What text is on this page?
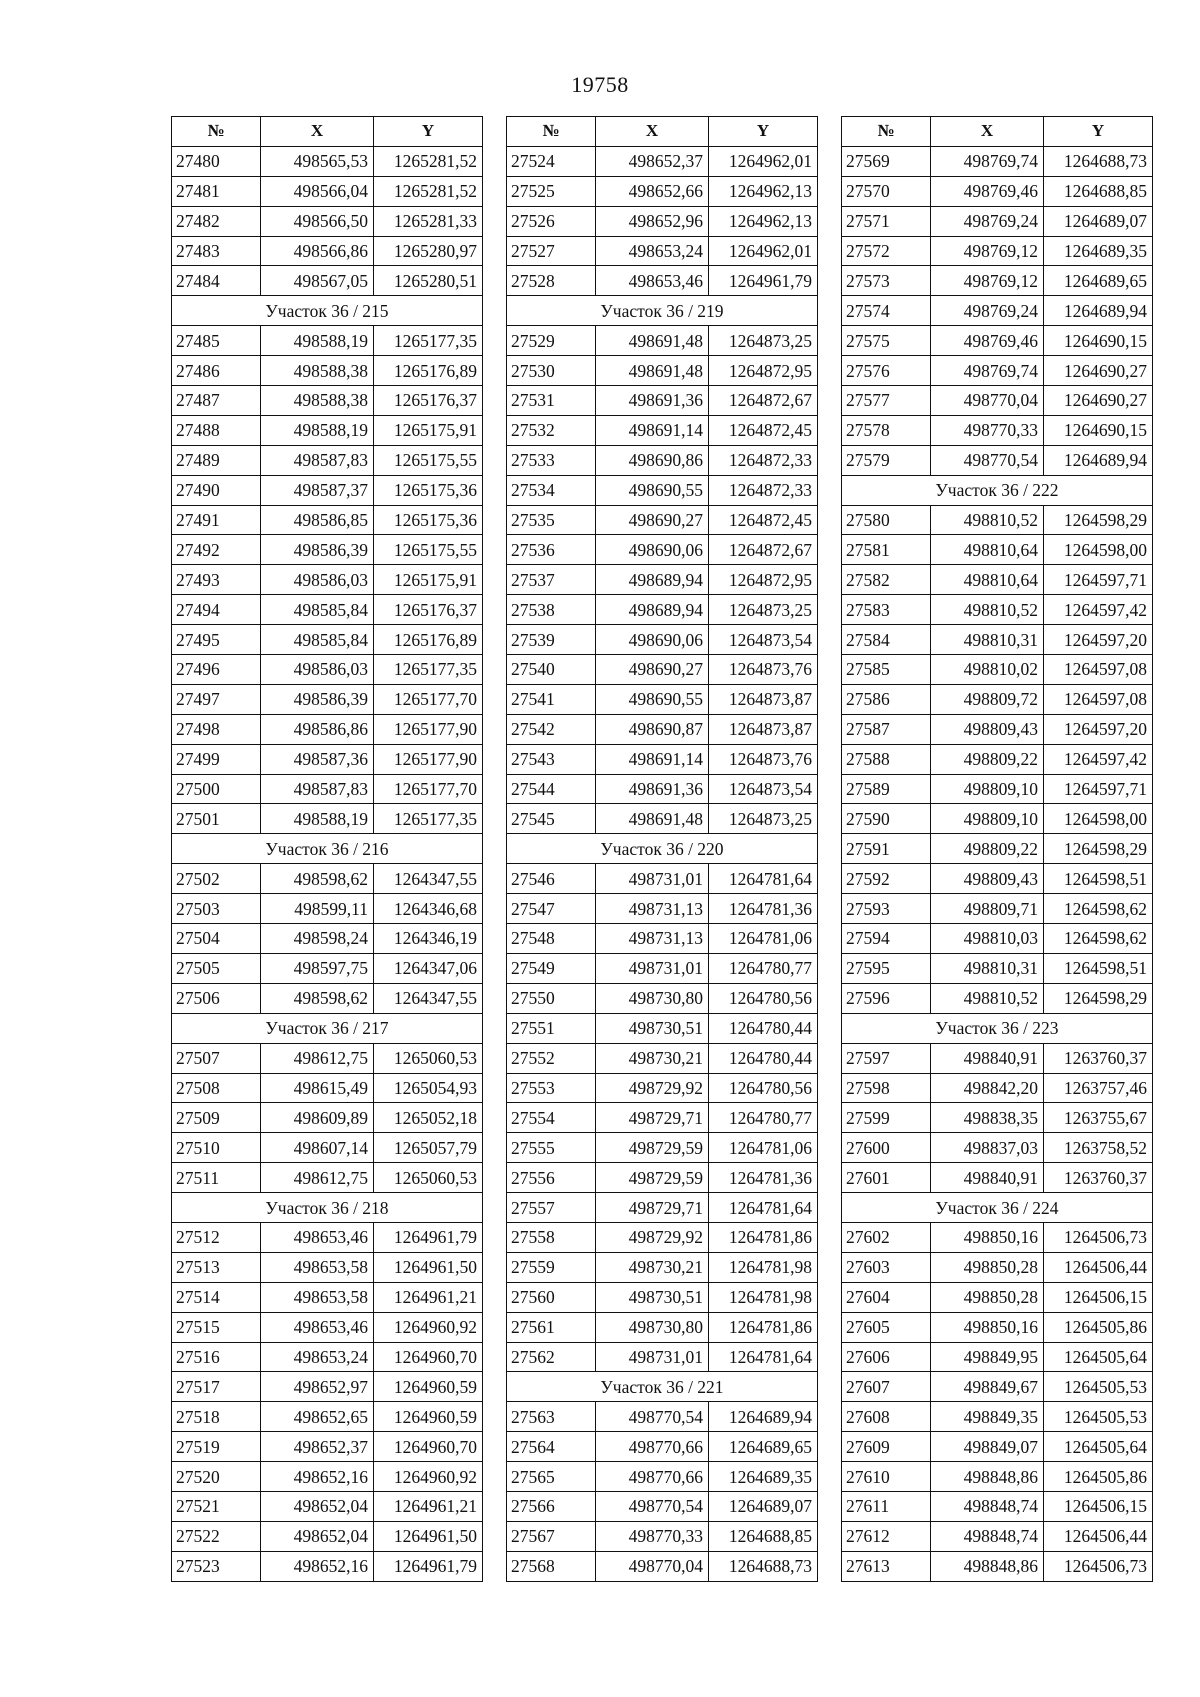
19758
№	X	Y
27480	498565,53	1265281,52
27481	498566,04	1265281,52
27482	498566,50	1265281,33
27483	498566,86	1265280,97
27484	498567,05	1265280,51
Участок 36 / 215		
27485	498588,19	1265177,35
27486	498588,38	1265176,89
27487	498588,38	1265176,37
27488	498588,19	1265175,91
27489	498587,83	1265175,55
27490	498587,37	1265175,36
27491	498586,85	1265175,36
27492	498586,39	1265175,55
27493	498586,03	1265175,91
27494	498585,84	1265176,37
27495	498585,84	1265176,89
27496	498586,03	1265177,35
27497	498586,39	1265177,70
27498	498586,86	1265177,90
27499	498587,36	1265177,90
27500	498587,83	1265177,70
27501	498588,19	1265177,35
Участок 36 / 216		
27502	498598,62	1264347,55
27503	498599,11	1264346,68
27504	498598,24	1264346,19
27505	498597,75	1264347,06
27506	498598,62	1264347,55
Участок 36 / 217		
27507	498612,75	1265060,53
27508	498615,49	1265054,93
27509	498609,89	1265052,18
27510	498607,14	1265057,79
27511	498612,75	1265060,53
Участок 36 / 218		
27512	498653,46	1264961,79
27513	498653,58	1264961,50
27514	498653,58	1264961,21
27515	498653,46	1264960,92
27516	498653,24	1264960,70
27517	498652,97	1264960,59
27518	498652,65	1264960,59
27519	498652,37	1264960,70
27520	498652,16	1264960,92
27521	498652,04	1264961,21
27522	498652,04	1264961,50
27523	498652,16	1264961,79
№	X	Y
27524	498652,37	1264962,01
27525	498652,66	1264962,13
27526	498652,96	1264962,13
27527	498653,24	1264962,01
27528	498653,46	1264961,79
Участок 36 / 219		
27529	498691,48	1264873,25
27530	498691,48	1264872,95
27531	498691,36	1264872,67
27532	498691,14	1264872,45
27533	498690,86	1264872,33
27534	498690,55	1264872,33
27535	498690,27	1264872,45
27536	498690,06	1264872,67
27537	498689,94	1264872,95
27538	498689,94	1264873,25
27539	498690,06	1264873,54
27540	498690,27	1264873,76
27541	498690,55	1264873,87
27542	498690,87	1264873,87
27543	498691,14	1264873,76
27544	498691,36	1264873,54
27545	498691,48	1264873,25
Участок 36 / 220		
27546	498731,01	1264781,64
27547	498731,13	1264781,36
27548	498731,13	1264781,06
27549	498731,01	1264780,77
27550	498730,80	1264780,56
27551	498730,51	1264780,44
27552	498730,21	1264780,44
27553	498729,92	1264780,56
27554	498729,71	1264780,77
27555	498729,59	1264781,06
27556	498729,59	1264781,36
27557	498729,71	1264781,64
27558	498729,92	1264781,86
27559	498730,21	1264781,98
27560	498730,51	1264781,98
27561	498730,80	1264781,86
27562	498731,01	1264781,64
Участок 36 / 221		
27563	498770,54	1264689,94
27564	498770,66	1264689,65
27565	498770,66	1264689,35
27566	498770,54	1264689,07
27567	498770,33	1264688,85
27568	498770,04	1264688,73
№	X	Y
27569	498769,74	1264688,73
27570	498769,46	1264688,85
27571	498769,24	1264689,07
27572	498769,12	1264689,35
27573	498769,12	1264689,65
27574	498769,24	1264689,94
27575	498769,46	1264690,15
27576	498769,74	1264690,27
27577	498770,04	1264690,27
27578	498770,33	1264690,15
27579	498770,54	1264689,94
Участок 36 / 222		
27580	498810,52	1264598,29
27581	498810,64	1264598,00
27582	498810,64	1264597,71
27583	498810,52	1264597,42
27584	498810,31	1264597,20
27585	498810,02	1264597,08
27586	498809,72	1264597,08
27587	498809,43	1264597,20
27588	498809,22	1264597,42
27589	498809,10	1264597,71
27590	498809,10	1264598,00
27591	498809,22	1264598,29
27592	498809,43	1264598,51
27593	498809,71	1264598,62
27594	498810,03	1264598,62
27595	498810,31	1264598,51
27596	498810,52	1264598,29
Участок 36 / 223		
27597	498840,91	1263760,37
27598	498842,20	1263757,46
27599	498838,35	1263755,67
27600	498837,03	1263758,52
27601	498840,91	1263760,37
Участок 36 / 224		
27602	498850,16	1264506,73
27603	498850,28	1264506,44
27604	498850,28	1264506,15
27605	498850,16	1264505,86
27606	498849,95	1264505,64
27607	498849,67	1264505,53
27608	498849,35	1264505,53
27609	498849,07	1264505,64
27610	498848,86	1264505,86
27611	498848,74	1264506,15
27612	498848,74	1264506,44
27613	498848,86	1264506,73
